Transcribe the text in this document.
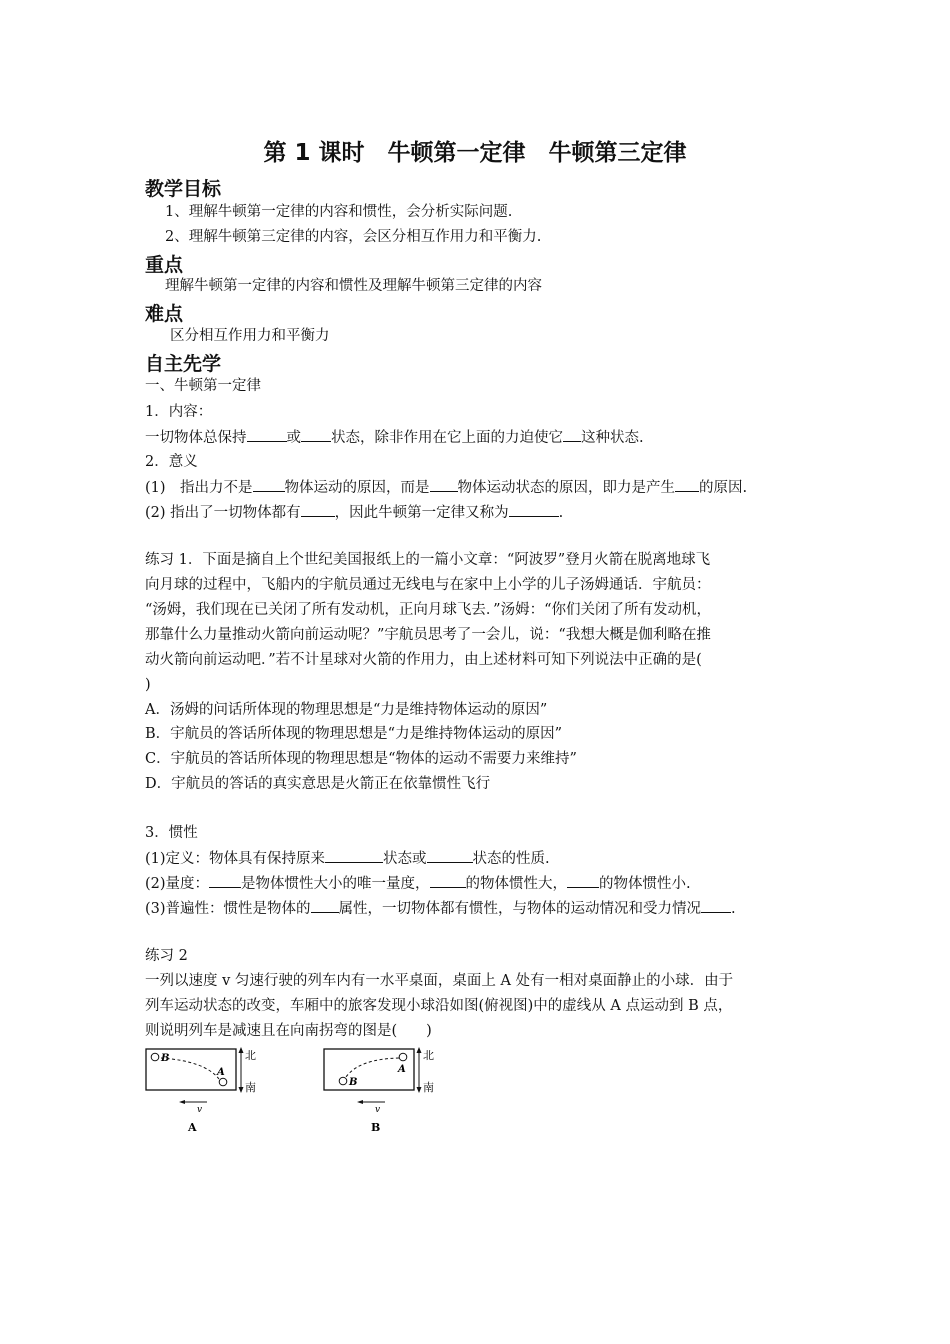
第 1 课时　牛顿第一定律　牛顿第三定律
教学目标
1、理解牛顿第一定律的内容和惯性，会分析实际问题.
2、理解牛顿第三定律的内容，会区分相互作用力和平衡力.
重点
理解牛顿第一定律的内容和惯性及理解牛顿第三定律的内容
难点
区分相互作用力和平衡力
自主先学
一、牛顿第一定律
1．内容：
一切物体总保持	或 状态，除非作用在它上面的力迫使它 这种状态.
2．意义
(1)　指出力不是 物体运动的原因，而是 物体运动状态的原因，即力是产生 的原因.
(2) 指出了一切物体都有 ，因此牛顿第一定律又称为	.
练习 1．下面是摘自上个世纪美国报纸上的一篇小文章：“阿波罗”登月火箭在脱离地球飞
向月球的过程中，飞船内的宇航员通过无线电与在家中上小学的儿子汤姆通话．宇航员：
“汤姆，我们现在已关闭了所有发动机，正向月球飞去．”汤姆：“你们关闭了所有发动机，
那靠什么力量推动火箭向前运动呢？”宇航员思考了一会儿，说：“我想大概是伽利略在推
动火箭向前运动吧．”若不计星球对火箭的作用力，由上述材料可知下列说法中正确的是(
)
A．汤姆的问话所体现的物理思想是“力是维持物体运动的原因”
B．宇航员的答话所体现的物理思想是“力是维持物体运动的原因”
C．宇航员的答话所体现的物理思想是“物体的运动不需要力来维持”
D．宇航员的答话的真实意思是火箭正在依靠惯性飞行
3．惯性
(1)定义：物体具有保持原来	状态或	状态的性质.
(2)量度： 是物体惯性大小的唯一量度， 的物体惯性大， 的物体惯性小.
(3)普遍性：惯性是物体的 属性，一切物体都有惯性，与物体的运动情况和受力情况 .
练习 2
一列以速度 v 匀速行驶的列车内有一水平桌面，桌面上 A 处有一相对桌面静止的小球．由于
列车运动状态的改变，车厢中的旅客发现小球沿如图(俯视图)中的虚线从 A 点运动到 B 点，
则说明列车是减速且在向南拐弯的图是(　　)
B
A
北
南
v
A
A
B
北
南
v
B
